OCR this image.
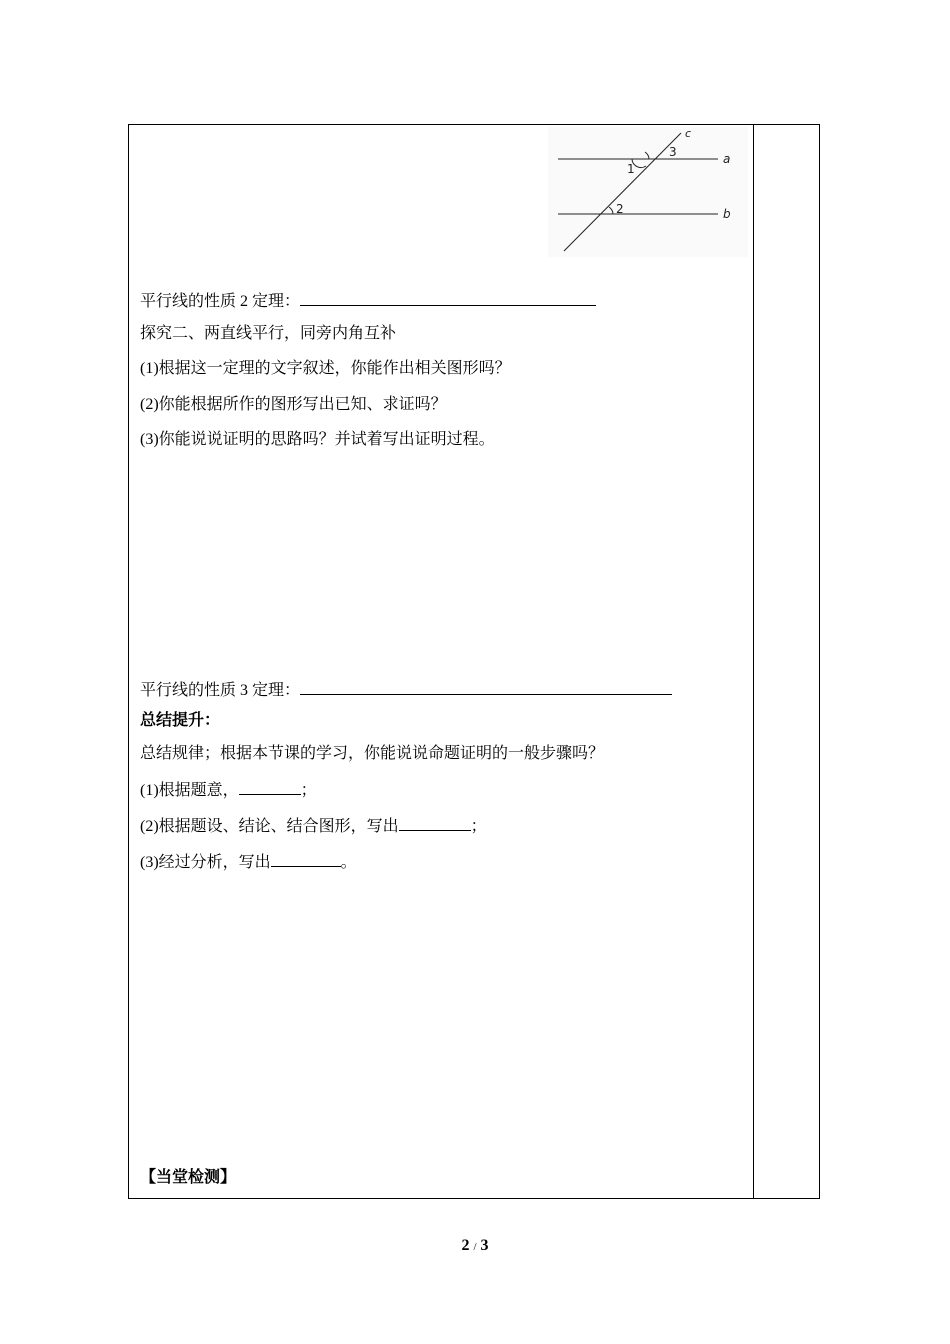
c
3
1
a
2	b
平行线的性质 2 定理：
探究二、两直线平行，同旁内角互补
(1)根据这一定理的文字叙述，你能作出相关图形吗？
(2)你能根据所作的图形写出已知、求证吗？
(3)你能说说证明的思路吗？并试着写出证明过程。
平行线的性质 3 定理：
总结提升：
总结规律；根据本节课的学习，你能说说命题证明的一般步骤吗？
(1)根据题意，	；
(2)根据题设、结论、结合图形，写出	；
(3)经过分析，写出	。
【当堂检测】
2 / 3
